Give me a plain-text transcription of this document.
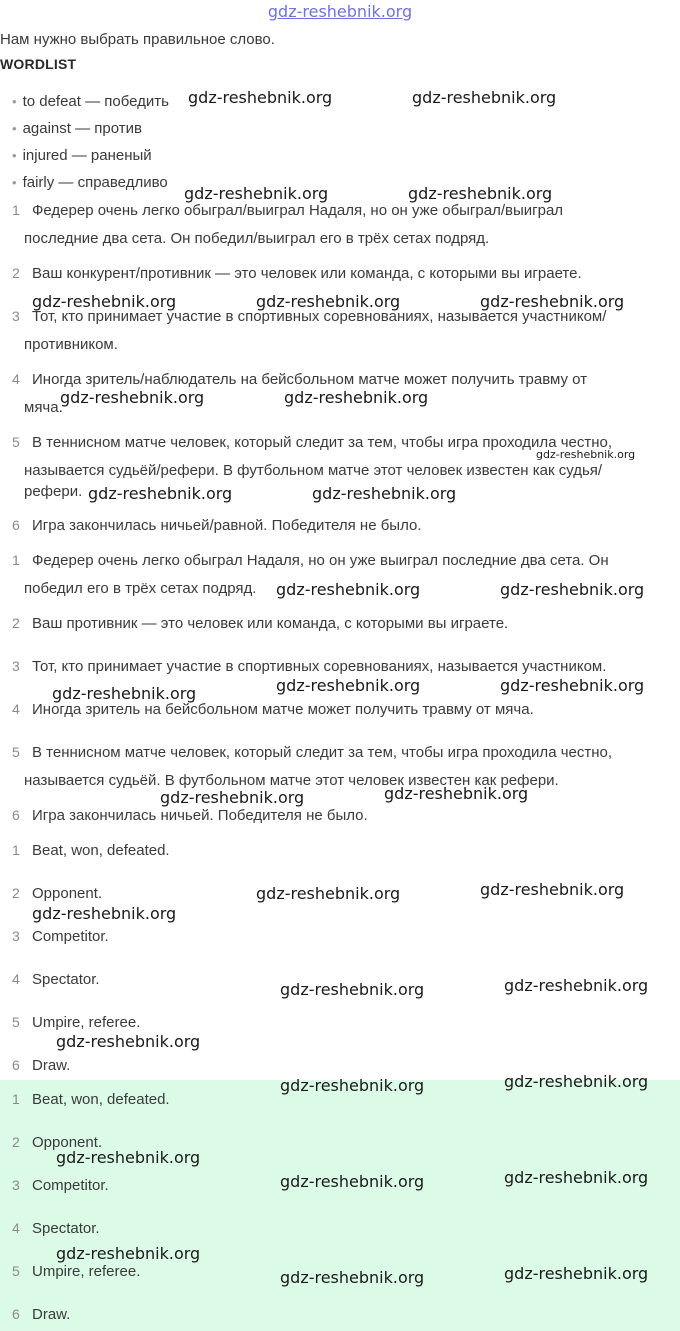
gdz-reshebnik.org
Нам нужно выбрать правильное слово.
WORDLIST
• to defeat — победить
• against — против
• injured — раненый
• fairly — справедливо
1 Федерер очень легко обыграл/выиграл Надаля, но он уже обыграл/выиграл
последние два сета. Он победил/выиграл его в трёх сетах подряд.
2 Ваш конкурент/противник — это человек или команда, с которыми вы играете.
3 Тот, кто принимает участие в спортивных соревнованиях, называется участником/
противником.
4 Иногда зритель/наблюдатель на бейсбольном матче может получить травму от
мяча.
5 В теннисном матче человек, который следит за тем, чтобы игра проходила честно,
называется судьёй/рефери. В футбольном матче этот человек известен как судья/
рефери.
6 Игра закончилась ничьей/равной. Победителя не было.
1 Федерер очень легко обыграл Надаля, но он уже выиграл последние два сета. Он
победил его в трёх сетах подряд.
2 Ваш противник — это человек или команда, с которыми вы играете.
3 Тот, кто принимает участие в спортивных соревнованиях, называется участником.
4 Иногда зритель на бейсбольном матче может получить травму от мяча.
5 В теннисном матче человек, который следит за тем, чтобы игра проходила честно,
называется судьёй. В футбольном матче этот человек известен как рефери.
6 Игра закончилась ничьей. Победителя не было.
1 Beat, won, defeated.
2 Opponent.
3 Competitor.
4 Spectator.
5 Umpire, referee.
6 Draw.
1 Beat, won, defeated.
2 Opponent.
3 Competitor.
4 Spectator.
5 Umpire, referee.
6 Draw.
gdz-reshebnik.org	gdz-reshebnik.org
gdz-reshebnik.org	gdz-reshebnik.org
gdz-reshebnik.org	gdz-reshebnik.org	gdz-reshebnik.org
gdz-reshebnik.org	gdz-reshebnik.org
gdz-reshebnik.org
gdz-reshebnik.org	gdz-reshebnik.org
gdz-reshebnik.org	gdz-reshebnik.org
gdz-reshebnik.org	gdz-reshebnik.org	gdz-reshebnik.org
gdz-reshebnik.org	gdz-reshebnik.org
gdz-reshebnik.org	gdz-reshebnik.org
gdz-reshebnik.org
gdz-reshebnik.org	gdz-reshebnik.org
gdz-reshebnik.org
gdz-reshebnik.org	gdz-reshebnik.org
gdz-reshebnik.org
gdz-reshebnik.org	gdz-reshebnik.org
gdz-reshebnik.org
gdz-reshebnik.org	gdz-reshebnik.org
